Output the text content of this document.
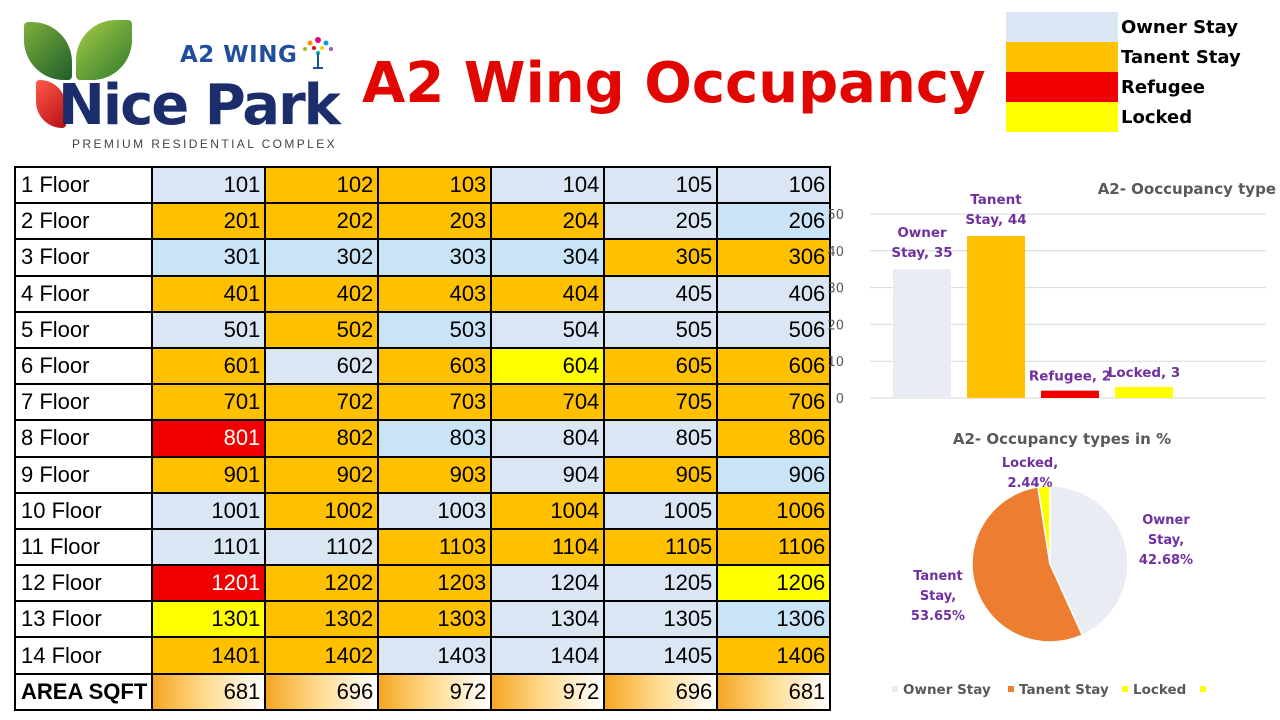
A2 WING
Nice Park
PREMIUM RESIDENTIAL COMPLEX
A2 Wing Occupancy
Owner Stay
Tanent Stay
Refugee
Locked
1 Floor	101	102	103	104	105	106
2 Floor	201	202	203	204	205	206
3 Floor	301	302	303	304	305	306
4 Floor	401	402	403	404	405	406
5 Floor	501	502	503	504	505	506
6 Floor	601	602	603	604	605	606
7 Floor	701	702	703	704	705	706
8 Floor	801	802	803	804	805	806
9 Floor	901	902	903	904	905	906
10 Floor	1001	1002	1003	1004	1005	1006
11 Floor	1101	1102	1103	1104	1105	1106
12 Floor	1201	1202	1203	1204	1205	1206
13 Floor	1301	1302	1303	1304	1305	1306
14 Floor	1401	1402	1403	1404	1405	1406
AREA SQFT	681	696	972	972	696	681
A2- Ooccupancy type
0
10
20
30
40
50
Owner Stay, 35
Tanent Stay, 44
Refugee, 2
Locked, 3
A2- Occupancy types in %
Owner Stay, 42.68%
Tanent Stay, 53.65%
Locked, 2.44%
Owner Stay Tanent Stay Locked
